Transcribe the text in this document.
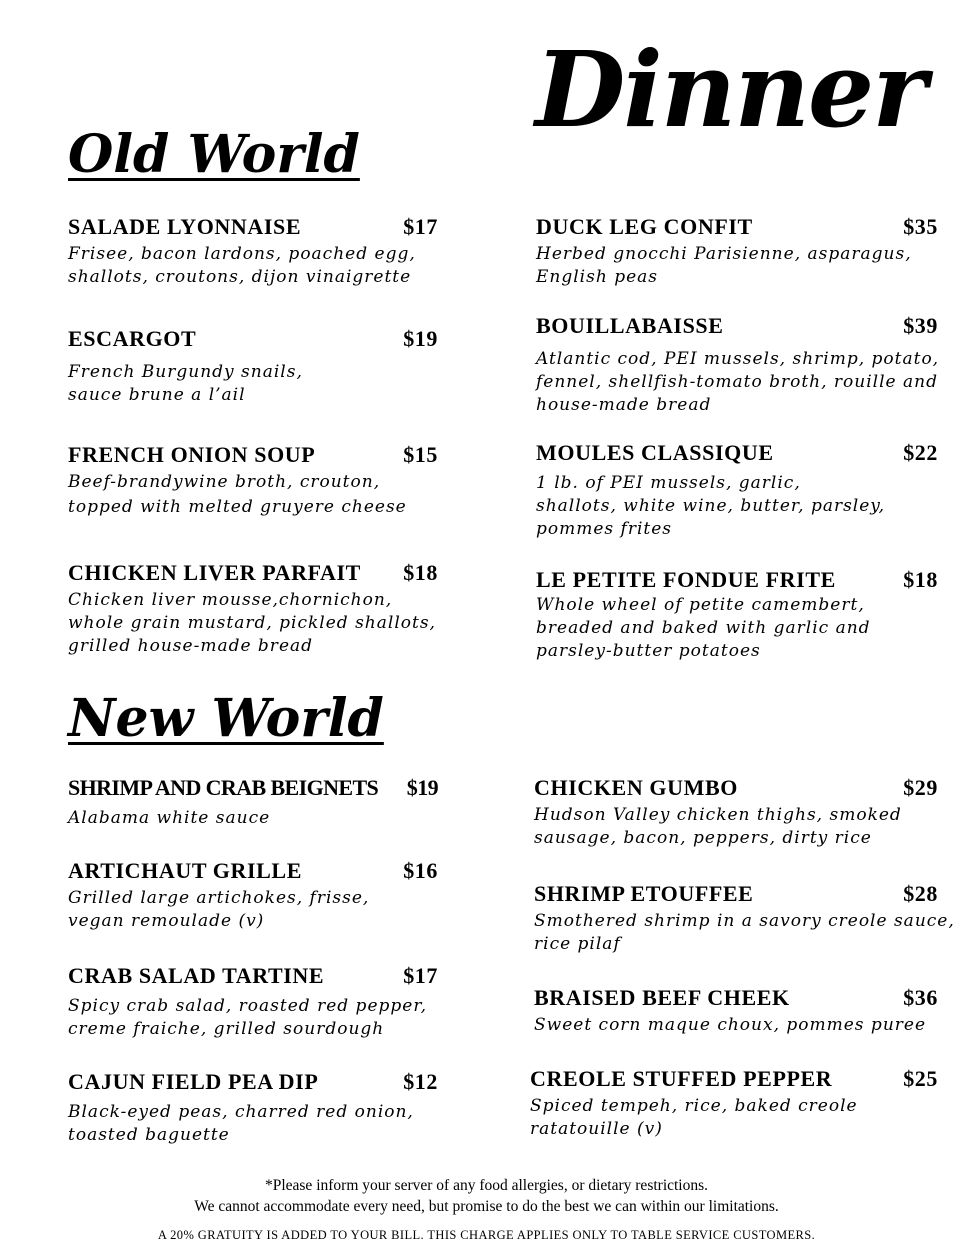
Dinner
Old World
New World
SALADE LYONNAISE	$17
Frisee, bacon lardons, poached egg,
shallots, croutons, dijon vinaigrette
ESCARGOT	$19
French Burgundy snails,
sauce brune a l’ail
FRENCH ONION SOUP	$15
Beef-brandywine broth, crouton,
topped with melted gruyere cheese
CHICKEN LIVER PARFAIT $18
Chicken liver mousse,chornichon,
whole grain mustard, pickled shallots,
grilled house-made bread
DUCK LEG CONFIT	$35
Herbed gnocchi Parisienne, asparagus,
English peas
BOUILLABAISSE	$39
Atlantic cod, PEI mussels, shrimp, potato,
fennel, shellfish-tomato broth, rouille and
house-made bread
MOULES CLASSIQUE	$22
1 lb. of PEI mussels, garlic,
shallots, white wine, butter, parsley,
pommes frites
LE PETITE FONDUE FRITE	$18
Whole wheel of petite camembert,
breaded and baked with garlic and
parsley-butter potatoes
SHRIMP AND CRAB BEIGNETS $19
Alabama white sauce
ARTICHAUT GRILLE	$16
Grilled large artichokes, frisse,
vegan remoulade (v)
CRAB SALAD TARTINE	$17
Spicy crab salad, roasted red pepper,
creme fraiche, grilled sourdough
CAJUN FIELD PEA DIP	$12
Black-eyed peas, charred red onion,
toasted baguette
CHICKEN GUMBO	$29
Hudson Valley chicken thighs, smoked
sausage, bacon, peppers, dirty rice
SHRIMP ETOUFFEE	$28
Smothered shrimp in a savory creole sauce,
rice pilaf
BRAISED BEEF CHEEK	$36
Sweet corn maque choux, pommes puree
CREOLE STUFFED PEPPER	$25
Spiced tempeh, rice, baked creole
ratatouille (v)
*Please inform your server of any food allergies, or dietary restrictions.
We cannot accommodate every need, but promise to do the best we can within our limitations.
A 20% GRATUITY IS ADDED TO YOUR BILL. THIS CHARGE APPLIES ONLY TO TABLE SERVICE CUSTOMERS.
